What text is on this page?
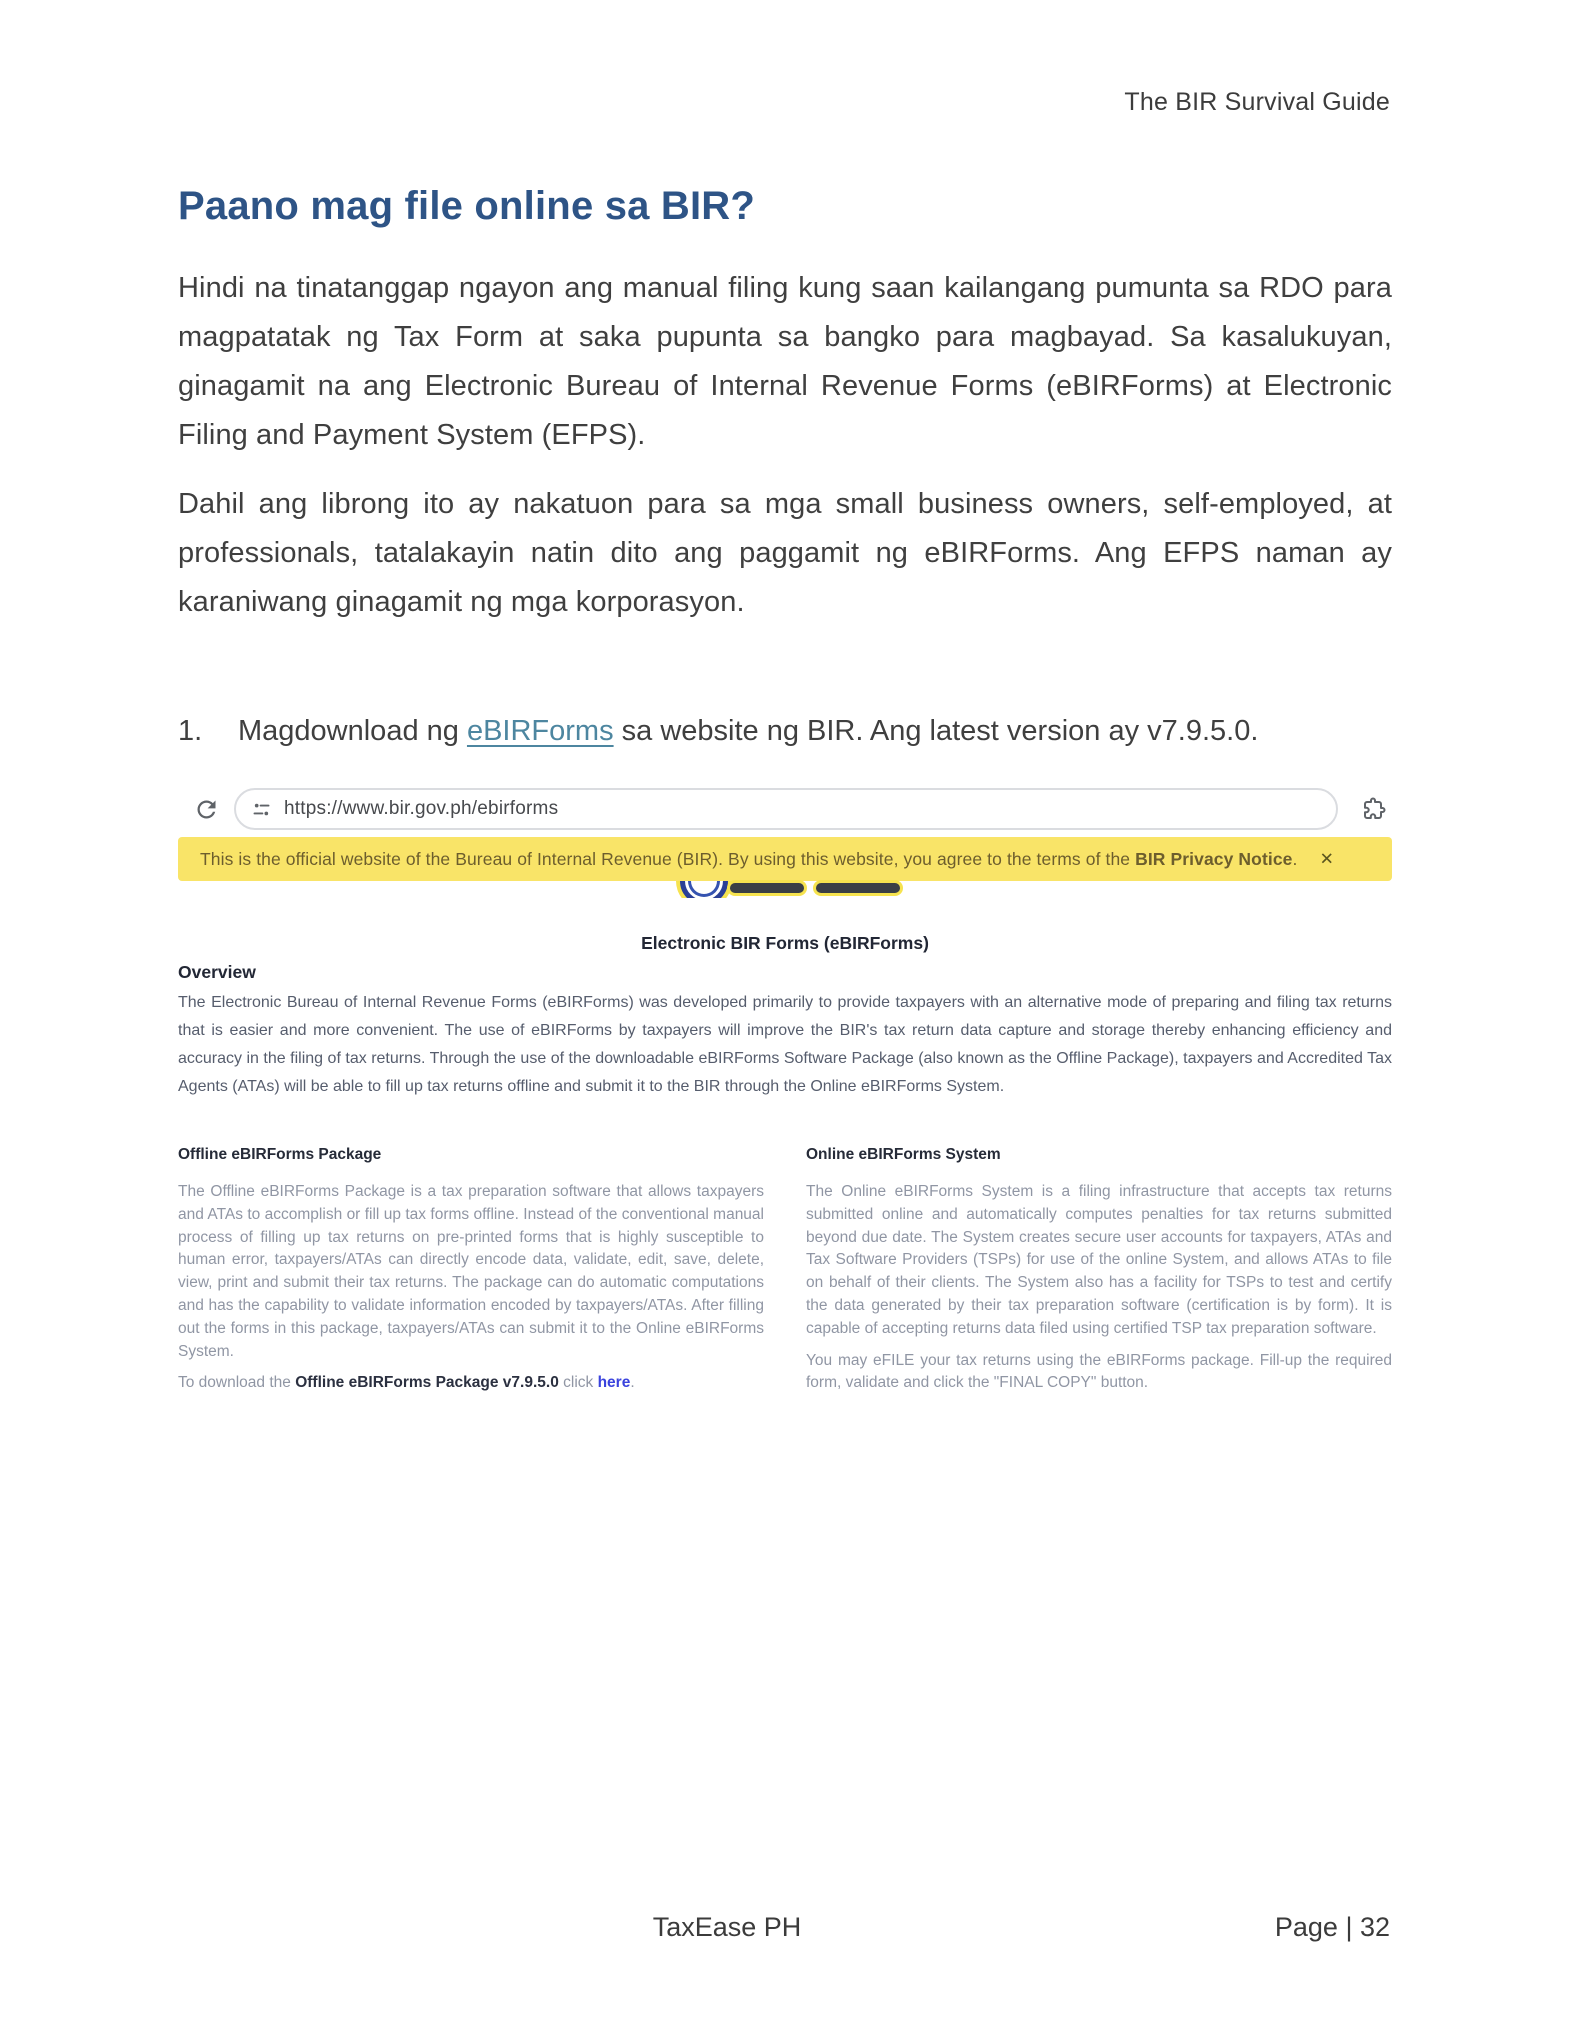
The BIR Survival Guide
Paano mag file online sa BIR?

Hindi na tinatanggap ngayon ang manual filing kung saan kailangang pumunta sa RDO para magpatatak ng Tax Form at saka pupunta sa bangko para magbayad. Sa kasalukuyan, ginagamit na ang Electronic Bureau of Internal Revenue Forms (eBIRForms) at Electronic Filing and Payment System (EFPS).

Dahil ang librong ito ay nakatuon para sa mga small business owners, self-employed, at professionals, tatalakayin natin dito ang paggamit ng eBIRForms. Ang EFPS naman ay karaniwang ginagamit ng mga korporasyon.

1.	Magdownload ng eBIRForms sa website ng BIR. Ang latest version ay v7.9.5.0.
https://www.bir.gov.ph/ebirforms
This is the official website of the Bureau of Internal Revenue (BIR). By using this website, you agree to the terms of the BIR Privacy Notice. ✕
Electronic BIR Forms (eBIRForms)
Overview

The Electronic Bureau of Internal Revenue Forms (eBIRForms) was developed primarily to provide taxpayers with an alternative mode of preparing and filing tax returns that is easier and more convenient. The use of eBIRForms by taxpayers will improve the BIR's tax return data capture and storage thereby enhancing efficiency and accuracy in the filing of tax returns. Through the use of the downloadable eBIRForms Software Package (also known as the Offline Package), taxpayers and Accredited Tax Agents (ATAs) will be able to fill up tax returns offline and submit it to the BIR through the Online eBIRForms System.

Offline eBIRForms Package

The Offline eBIRForms Package is a tax preparation software that allows taxpayers and ATAs to accomplish or fill up tax forms offline. Instead of the conventional manual process of filling up tax returns on pre-printed forms that is highly susceptible to human error, taxpayers/ATAs can directly encode data, validate, edit, save, delete, view, print and submit their tax returns. The package can do automatic computations and has the capability to validate information encoded by taxpayers/ATAs. After filling out the forms in this package, taxpayers/ATAs can submit it to the Online eBIRForms System.

To download the Offline eBIRForms Package v7.9.5.0 click here.
Online eBIRForms System

The Online eBIRForms System is a filing infrastructure that accepts tax returns submitted online and automatically computes penalties for tax returns submitted beyond due date. The System creates secure user accounts for taxpayers, ATAs and Tax Software Providers (TSPs) for use of the online System, and allows ATAs to file on behalf of their clients. The System also has a facility for TSPs to test and certify the data generated by their tax preparation software (certification is by form). It is capable of accepting returns data filed using certified TSP tax preparation software.

You may eFILE your tax returns using the eBIRForms package. Fill-up the required form, validate and click the "FINAL COPY" button.

TaxEase PH	Page | 32
